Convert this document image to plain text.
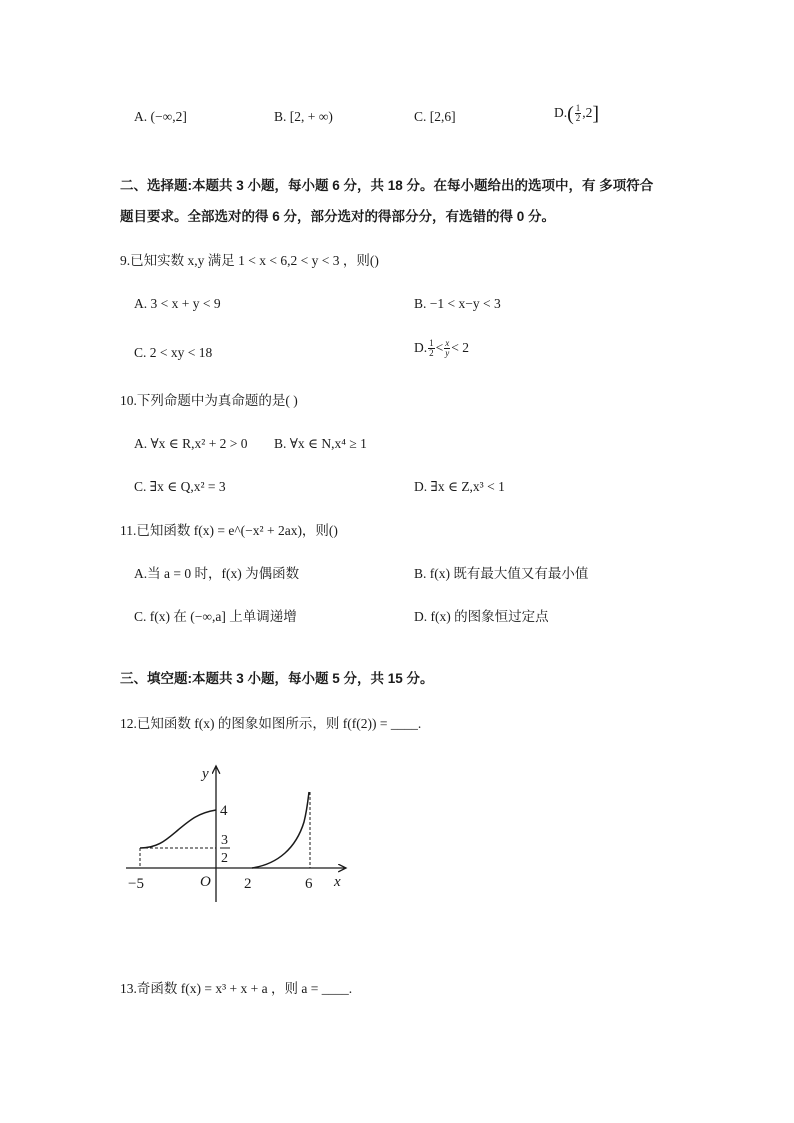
A. (−∞,2]	B. [2, + ∞)	C. [2,6]	$D.( \frac{1}{2} ,2]$
二、选择题:本题共 3 小题，每小题 6 分，共 18 分。在每小题给出的选项中，有 多项符合
题目要求。全部选对的得 6 分，部分选对的得部分分，有选错的得 0 分。
9.已知实数 x,y 满足 1 < x < 6,2 < y < 3 ，则()
A. 3 < x + y < 9	B. −1 < x−y < 3
C. 2 < xy < 18	D. $\frac{1}{2} < \frac{x}{y} < 2$
10.下列命题中为真命题的是( )
A. ∀x ∈ R,x² + 2 > 0 B. ∀x ∈ N,x⁴ ≥ 1
C. ∃x ∈ Q,x² = 3	D. ∃x ∈ Z,x³ < 1
11.已知函数 f(x) = e^(−x² + 2ax)，则()
A.当 a = 0 时，f(x) 为偶函数	B. f(x) 既有最大值又有最小值
C. f(x) 在 (−∞,a] 上单调递增	D. f(x) 的图象恒过定点
三、填空题:本题共 3 小题，每小题 5 分，共 15 分。
12.已知函数 f(x) 的图象如图所示，则 f(f(2)) = ____.
y
x
O
−5	2	6
4
3
2
13.奇函数 f(x) = x³ + x + a ，则 a = ____.
